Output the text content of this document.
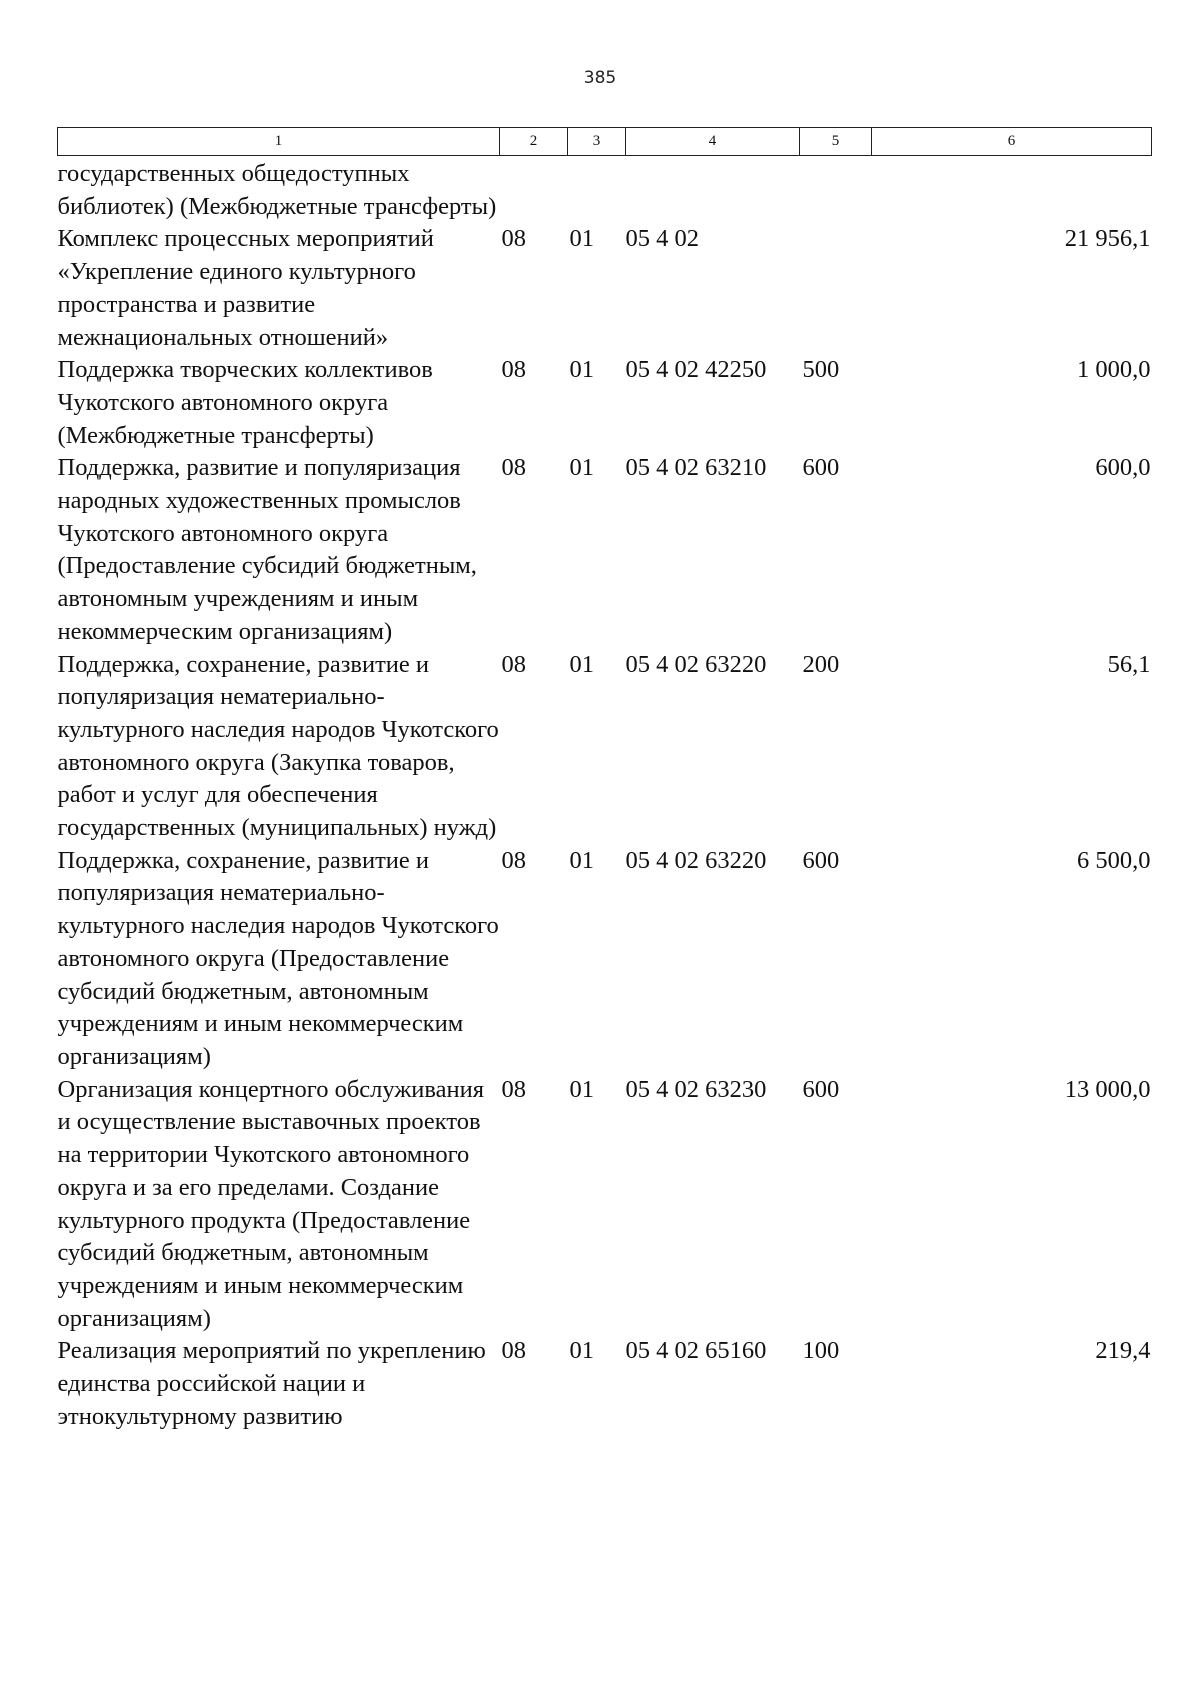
385
1	2	3	4	5	6
государственных общедоступных библиотек) (Межбюджетные трансферты)					
Комплекс процессных мероприятий «Укрепление единого культурного пространства и развитие межнациональных отношений»	08	01	05 4 02		21 956,1
Поддержка творческих коллективов Чукотского автономного округа (Межбюджетные трансферты)	08	01	05 4 02 42250	500	1 000,0
Поддержка, развитие и популяризация народных художественных промыслов Чукотского автономного округа (Предоставление субсидий бюджетным, автономным учреждениям и иным некоммерческим организациям)	08	01	05 4 02 63210	600	600,0
Поддержка, сохранение, развитие и популяризация нематериально-культурного наследия народов Чукотского автономного округа (Закупка товаров, работ и услуг для обеспечения государственных (муниципальных) нужд)	08	01	05 4 02 63220	200	56,1
Поддержка, сохранение, развитие и популяризация нематериально-культурного наследия народов Чукотского автономного округа (Предоставление субсидий бюджетным, автономным учреждениям и иным некоммерческим организациям)	08	01	05 4 02 63220	600	6 500,0
Организация концертного обслуживания и осуществление выставочных проектов на территории Чукотского автономного округа и за его пределами. Создание культурного продукта (Предоставление субсидий бюджетным, автономным учреждениям и иным некоммерческим организациям)	08	01	05 4 02 63230	600	13 000,0
Реализация мероприятий по укреплению единства российской нации и этнокультурному развитию	08	01	05 4 02 65160	100	219,4
